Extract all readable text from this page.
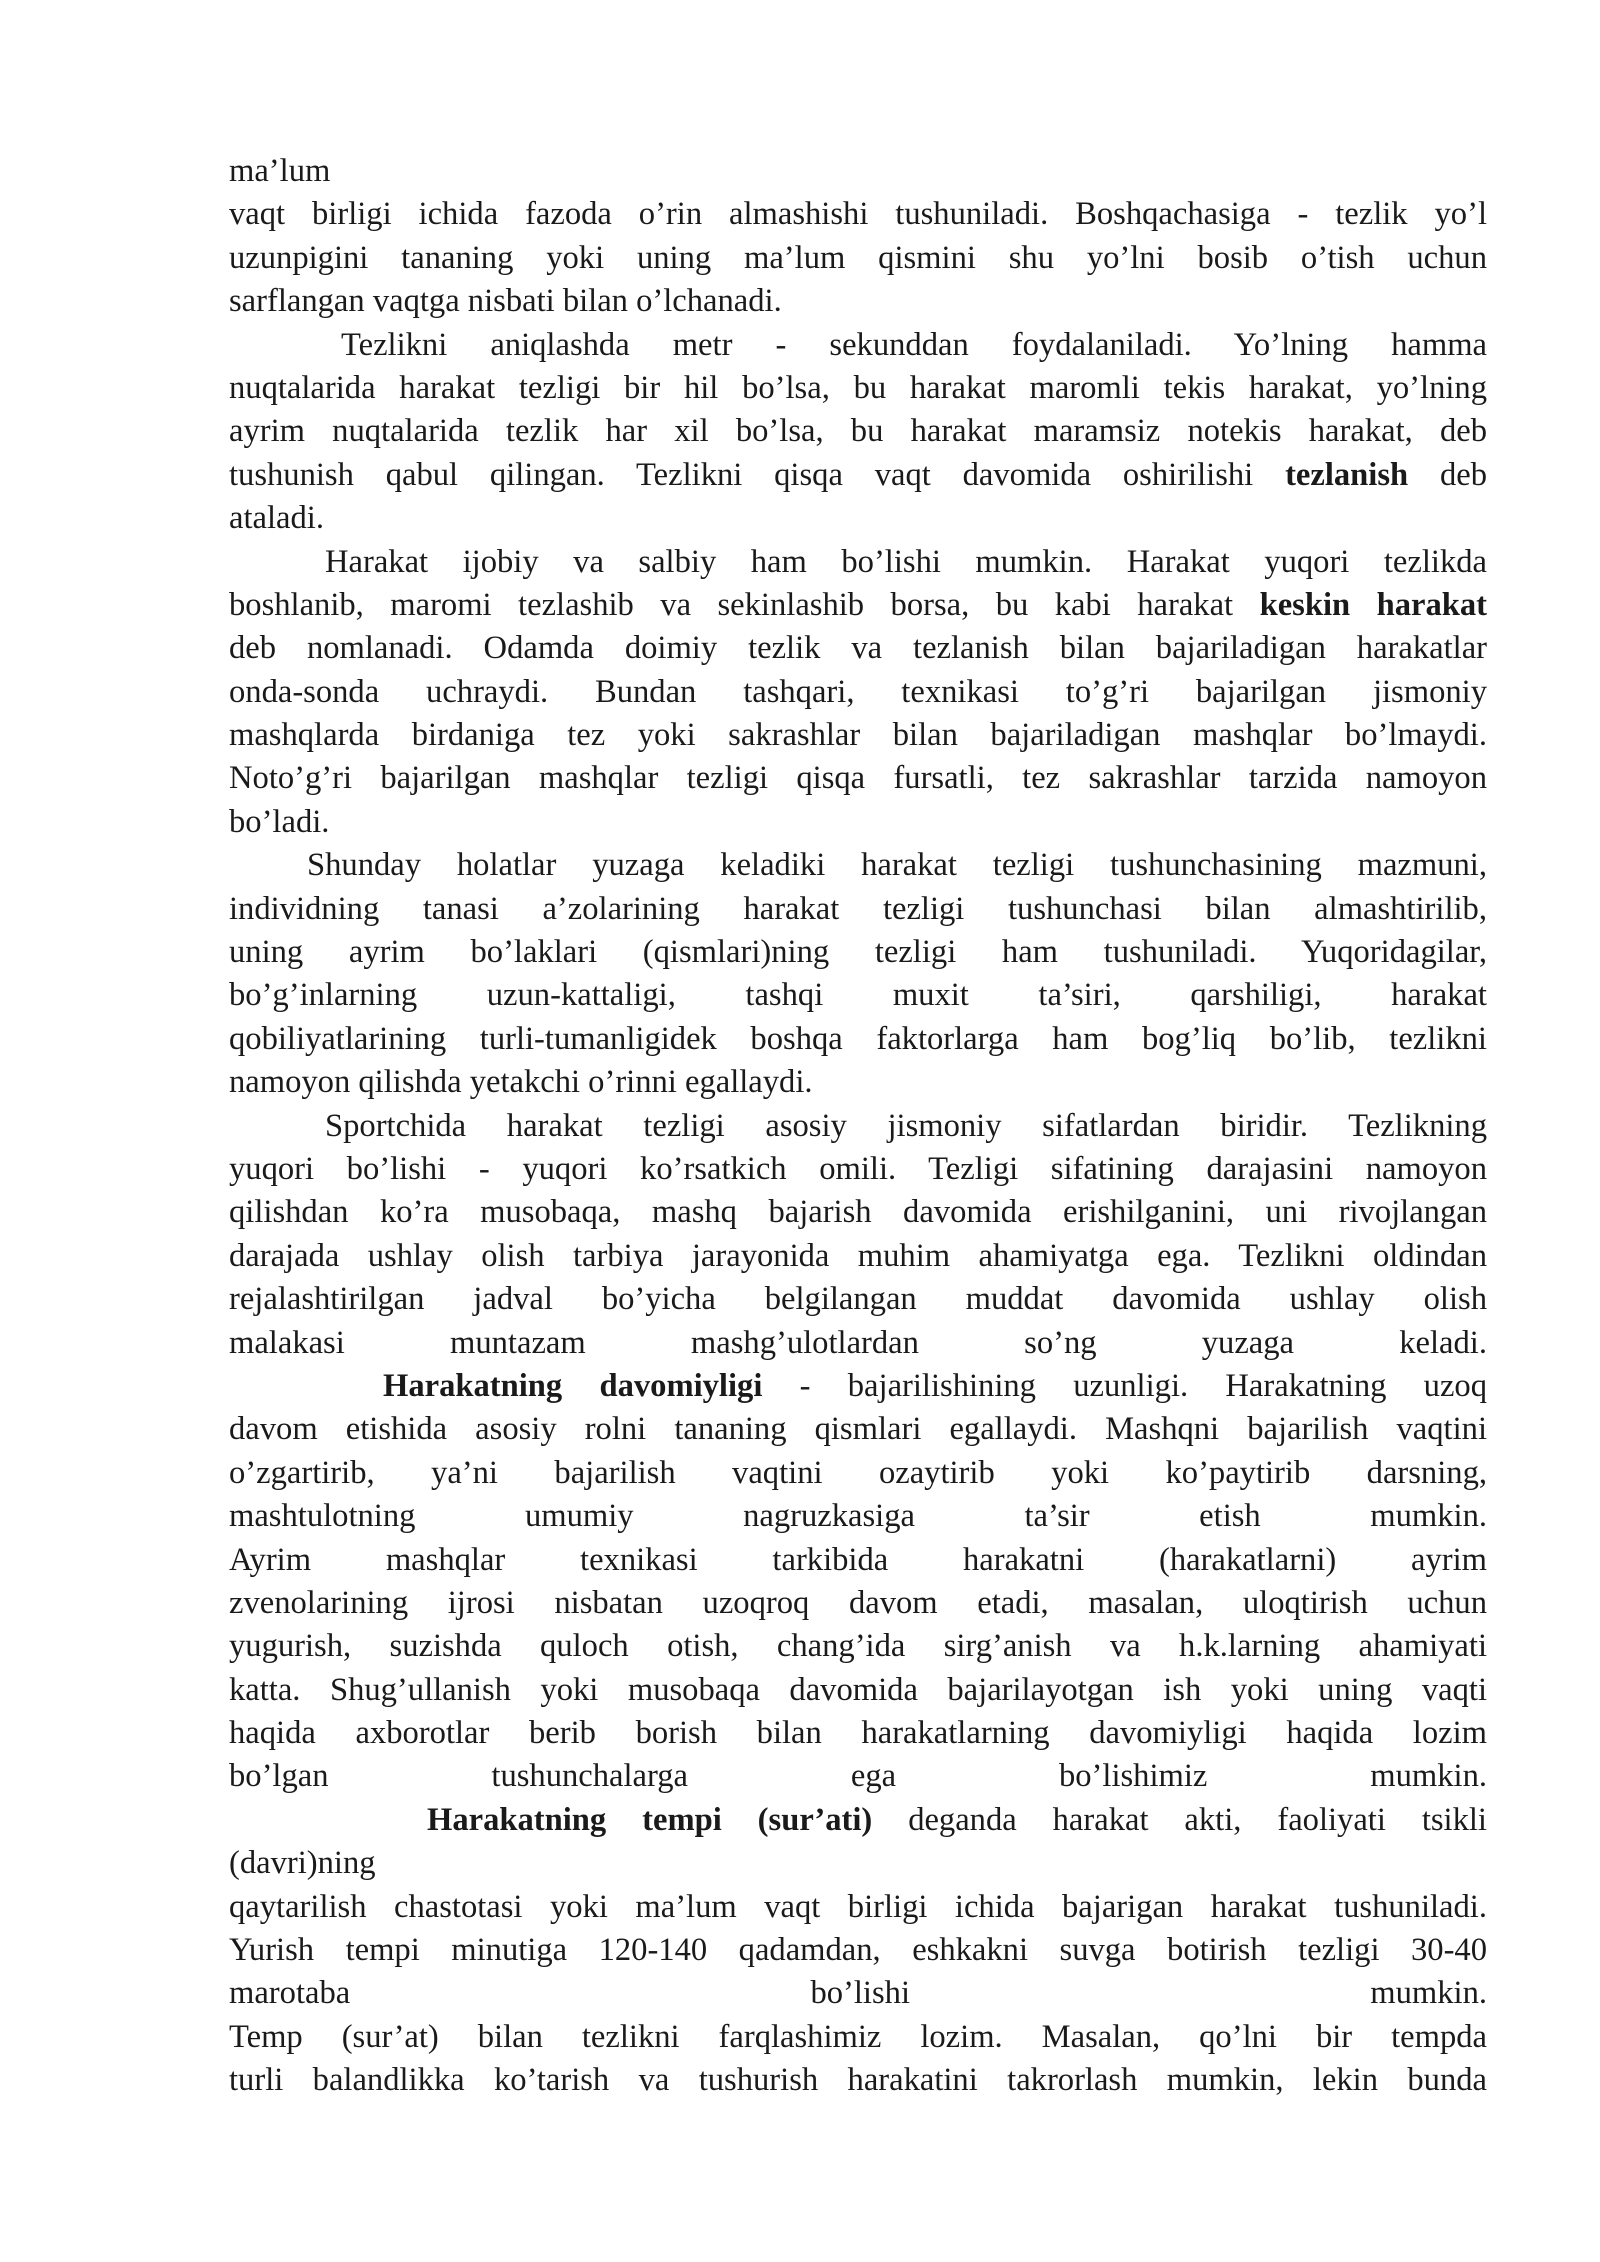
ma’lum
vaqt birligi ichida fazoda o’rin almashishi tushuniladi. Boshqachasiga - tezlik yo’l
uzunpigini tananing yoki uning ma’lum qismini shu yo’lni bosib o’tish uchun
sarflangan vaqtga nisbati bilan o’lchanadi.
Tezlikni aniqlashda metr - sekunddan foydalaniladi. Yo’lning hamma
nuqtalarida harakat tezligi bir hil bo’lsa, bu harakat maromli tekis harakat, yo’lning
ayrim nuqtalarida tezlik har xil bo’lsa, bu harakat maramsiz notekis harakat, deb
tushunish qabul qilingan. Tezlikni qisqa vaqt davomida oshirilishi tezlanish deb
ataladi.
Harakat ijobiy va salbiy ham bo’lishi mumkin. Harakat yuqori tezlikda
boshlanib, maromi tezlashib va sekinlashib borsa, bu kabi harakat keskin harakat
deb nomlanadi. Odamda doimiy tezlik va tezlanish bilan bajariladigan harakatlar
onda-sonda uchraydi. Bundan tashqari, texnikasi to’g’ri bajarilgan jismoniy
mashqlarda birdaniga tez yoki sakrashlar bilan bajariladigan mashqlar bo’lmaydi.
Noto’g’ri bajarilgan mashqlar tezligi qisqa fursatli, tez sakrashlar tarzida namoyon
bo’ladi.
Shunday holatlar yuzaga keladiki harakat tezligi tushunchasining mazmuni,
individning tanasi a’zolarining harakat tezligi tushunchasi bilan almashtirilib,
uning ayrim bo’laklari (qismlari)ning tezligi ham tushuniladi. Yuqoridagilar,
bo’g’inlarning uzun-kattaligi, tashqi muxit ta’siri, qarshiligi, harakat
qobiliyatlarining turli-tumanligidek boshqa faktorlarga ham bog’liq bo’lib, tezlikni
namoyon qilishda yetakchi o’rinni egallaydi.
Sportchida harakat tezligi asosiy jismoniy sifatlardan biridir. Tezlikning
yuqori bo’lishi - yuqori ko’rsatkich omili. Tezligi sifatining darajasini namoyon
qilishdan ko’ra musobaqa, mashq bajarish davomida erishilganini, uni rivojlangan
darajada ushlay olish tarbiya jarayonida muhim ahamiyatga ega. Tezlikni oldindan
rejalashtirilgan jadval bo’yicha belgilangan muddat davomida ushlay olish
malakasi muntazam mashg’ulotlardan so’ng yuzaga keladi.
Harakatning davomiyligi - bajarilishining uzunligi. Harakatning uzoq
davom etishida asosiy rolni tananing qismlari egallaydi. Mashqni bajarilish vaqtini
o’zgartirib, ya’ni bajarilish vaqtini ozaytirib yoki ko’paytirib darsning,
mashtulotning umumiy nagruzkasiga ta’sir etish mumkin.
Ayrim mashqlar texnikasi tarkibida harakatni (harakatlarni) ayrim
zvenolarining ijrosi nisbatan uzoqroq davom etadi, masalan, uloqtirish uchun
yugurish, suzishda quloch otish, chang’ida sirg’anish va h.k.larning ahamiyati
katta. Shug’ullanish yoki musobaqa davomida bajarilayotgan ish yoki uning vaqti
haqida axborotlar berib borish bilan harakatlarning davomiyligi haqida lozim
bo’lgan tushunchalarga ega bo’lishimiz mumkin.
Harakatning tempi (sur’ati) deganda harakat akti, faoliyati tsikli
(davri)ning
qaytarilish chastotasi yoki ma’lum vaqt birligi ichida bajarigan harakat tushuniladi.
Yurish tempi minutiga 120-140 qadamdan, eshkakni suvga botirish tezligi 30-40
marotaba bo’lishi mumkin.
Temp (sur’at) bilan tezlikni farqlashimiz lozim. Masalan, qo’lni bir tempda
turli balandlikka ko’tarish va tushurish harakatini takrorlash mumkin, lekin bunda
